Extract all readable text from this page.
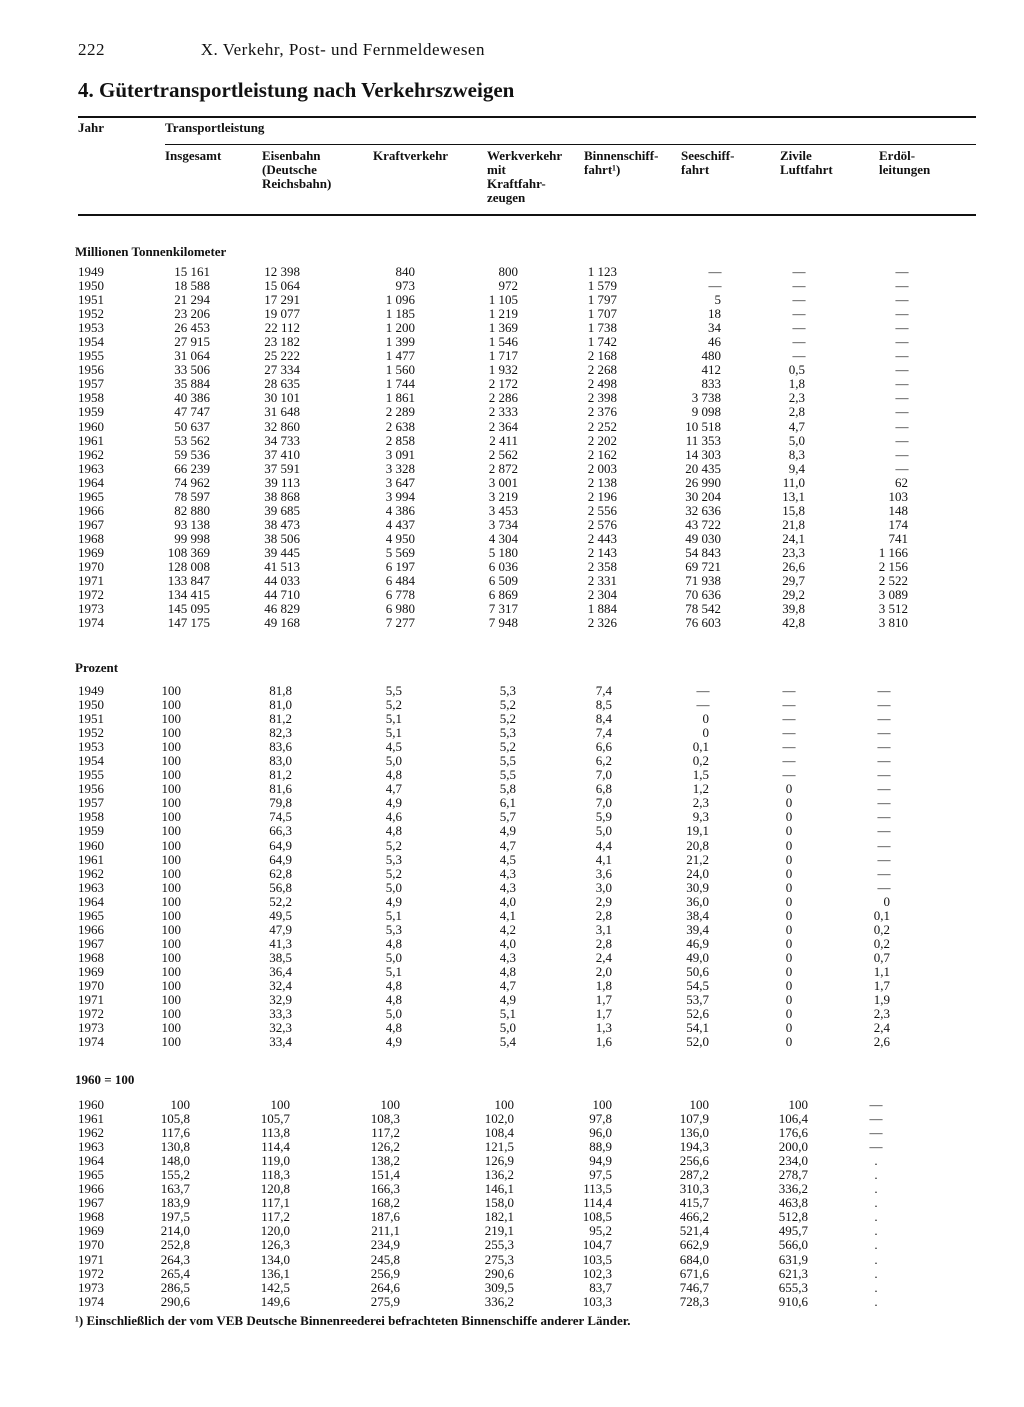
222	X. Verkehr, Post- und Fernmeldewesen
4. Gütertransportleistung nach Verkehrszweigen
Jahr	Transportleistung
Insgesamt	Eisenbahn
(Deutsche
Reichsbahn)
Kraftverkehr	Werkverkehr
mit
Kraftfahr-
zeugen
Binnenschiff-
fahrt¹)
Seeschiff-
fahrt
Zivile
Luftfahrt
Erdöl-
leitungen
Millionen Tonnenkilometer
1949	15 161	12 398	840	800	1 123	—	—	—
1950	18 588	15 064	973	972	1 579	—	—	—
1951	21 294	17 291	1 096	1 105	1 797	5	—	—
1952	23 206	19 077	1 185	1 219	1 707	18	—	—
1953	26 453	22 112	1 200	1 369	1 738	34	—	—
1954	27 915	23 182	1 399	1 546	1 742	46	—	—
1955	31 064	25 222	1 477	1 717	2 168	480	—	—
1956	33 506	27 334	1 560	1 932	2 268	412	0,5	—
1957	35 884	28 635	1 744	2 172	2 498	833	1,8	—
1958	40 386	30 101	1 861	2 286	2 398	3 738	2,3	—
1959	47 747	31 648	2 289	2 333	2 376	9 098	2,8	—
1960	50 637	32 860	2 638	2 364	2 252	10 518	4,7	—
1961	53 562	34 733	2 858	2 411	2 202	11 353	5,0	—
1962	59 536	37 410	3 091	2 562	2 162	14 303	8,3	—
1963	66 239	37 591	3 328	2 872	2 003	20 435	9,4	—
1964	74 962	39 113	3 647	3 001	2 138	26 990	11,0	62
1965	78 597	38 868	3 994	3 219	2 196	30 204	13,1	103
1966	82 880	39 685	4 386	3 453	2 556	32 636	15,8	148
1967	93 138	38 473	4 437	3 734	2 576	43 722	21,8	174
1968	99 998	38 506	4 950	4 304	2 443	49 030	24,1	741
1969	108 369	39 445	5 569	5 180	2 143	54 843	23,3	1 166
1970	128 008	41 513	6 197	6 036	2 358	69 721	26,6	2 156
1971	133 847	44 033	6 484	6 509	2 331	71 938	29,7	2 522
1972	134 415	44 710	6 778	6 869	2 304	70 636	29,2	3 089
1973	145 095	46 829	6 980	7 317	1 884	78 542	39,8	3 512
1974	147 175	49 168	7 277	7 948	2 326	76 603	42,8	3 810
Prozent
1949	100	81,8	5,5	5,3	7,4	—	—	—
1950	100	81,0	5,2	5,2	8,5	—	—	—
1951	100	81,2	5,1	5,2	8,4	0	—	—
1952	100	82,3	5,1	5,3	7,4	0	—	—
1953	100	83,6	4,5	5,2	6,6	0,1	—	—
1954	100	83,0	5,0	5,5	6,2	0,2	—	—
1955	100	81,2	4,8	5,5	7,0	1,5	—	—
1956	100	81,6	4,7	5,8	6,8	1,2	0	—
1957	100	79,8	4,9	6,1	7,0	2,3	0	—
1958	100	74,5	4,6	5,7	5,9	9,3	0	—
1959	100	66,3	4,8	4,9	5,0	19,1	0	—
1960	100	64,9	5,2	4,7	4,4	20,8	0	—
1961	100	64,9	5,3	4,5	4,1	21,2	0	—
1962	100	62,8	5,2	4,3	3,6	24,0	0	—
1963	100	56,8	5,0	4,3	3,0	30,9	0	—
1964	100	52,2	4,9	4,0	2,9	36,0	0	0
1965	100	49,5	5,1	4,1	2,8	38,4	0	0,1
1966	100	47,9	5,3	4,2	3,1	39,4	0	0,2
1967	100	41,3	4,8	4,0	2,8	46,9	0	0,2
1968	100	38,5	5,0	4,3	2,4	49,0	0	0,7
1969	100	36,4	5,1	4,8	2,0	50,6	0	1,1
1970	100	32,4	4,8	4,7	1,8	54,5	0	1,7
1971	100	32,9	4,8	4,9	1,7	53,7	0	1,9
1972	100	33,3	5,0	5,1	1,7	52,6	0	2,3
1973	100	32,3	4,8	5,0	1,3	54,1	0	2,4
1974	100	33,4	4,9	5,4	1,6	52,0	0	2,6
1960 = 100
1960	100	100	100	100	100	100	100	—
1961	105,8	105,7	108,3	102,0	97,8	107,9	106,4	—
1962	117,6	113,8	117,2	108,4	96,0	136,0	176,6	—
1963	130,8	114,4	126,2	121,5	88,9	194,3	200,0	—
1964	148,0	119,0	138,2	126,9	94,9	256,6	234,0	.
1965	155,2	118,3	151,4	136,2	97,5	287,2	278,7	.
1966	163,7	120,8	166,3	146,1	113,5	310,3	336,2	.
1967	183,9	117,1	168,2	158,0	114,4	415,7	463,8	.
1968	197,5	117,2	187,6	182,1	108,5	466,2	512,8	.
1969	214,0	120,0	211,1	219,1	95,2	521,4	495,7	.
1970	252,8	126,3	234,9	255,3	104,7	662,9	566,0	.
1971	264,3	134,0	245,8	275,3	103,5	684,0	631,9	.
1972	265,4	136,1	256,9	290,6	102,3	671,6	621,3	.
1973	286,5	142,5	264,6	309,5	83,7	746,7	655,3	.
1974	290,6	149,6	275,9	336,2	103,3	728,3	910,6	.
¹) Einschließlich der vom VEB Deutsche Binnenreederei befrachteten Binnenschiffe anderer Länder.
